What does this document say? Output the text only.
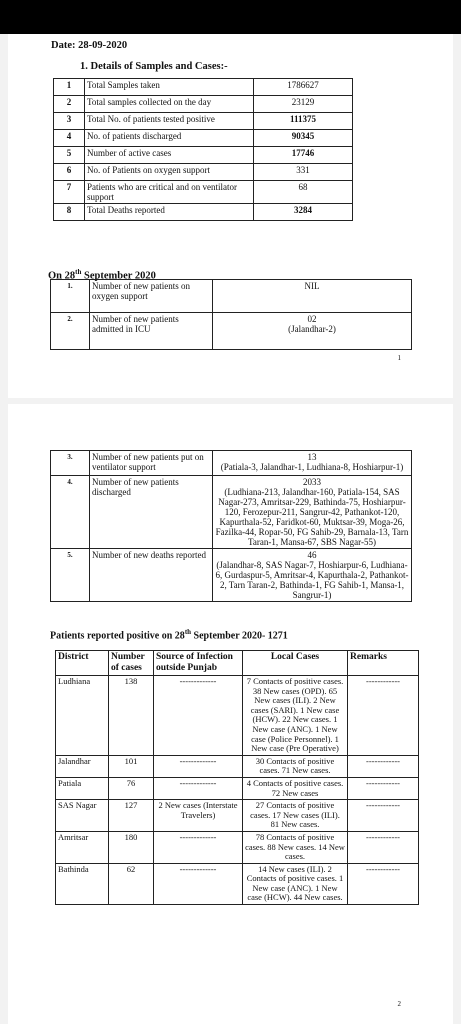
Date: 28-09-2020
1. Details of Samples and Cases:-
1	Total Samples taken	1786627
2	Total samples collected on the day	23129
3	Total No. of patients tested positive	111375
4	No. of patients discharged	90345
5	Number of active cases	17746
6	No. of Patients on oxygen support	331
7	Patients who are critical and on ventilator support	68
8	Total Deaths reported	3284
On 28th September 2020
1.	Number of new patients on oxygen support	NIL
2.	Number of new patients admitted in ICU	02
(Jalandhar-2)
1
3.	Number of new patients put on ventilator support	13
(Patiala-3, Jalandhar-1, Ludhiana-8, Hoshiarpur-1)
4.	Number of new patients discharged	2033
(Ludhiana-213, Jalandhar-160, Patiala-154, SAS Nagar-273, Amritsar-229, Bathinda-75, Hoshiarpur-120, Ferozepur-211, Sangrur-42, Pathankot-120, Kapurthala-52, Faridkot-60, Muktsar-39, Moga-26, Fazilka-44, Ropar-50, FG Sahib-29, Barnala-13, Tarn Taran-1, Mansa-67, SBS Nagar-55)
5.	Number of new deaths reported	46
(Jalandhar-8, SAS Nagar-7, Hoshiarpur-6, Ludhiana-6, Gurdaspur-5, Amritsar-4, Kapurthala-2, Pathankot-2, Tarn Taran-2, Bathinda-1, FG Sahib-1, Mansa-1, Sangrur-1)
Patients reported positive on 28th September 2020- 1271
District	Number of cases	Source of Infection outside Punjab	Local Cases	Remarks
Ludhiana	138	-------------	7 Contacts of positive cases. 38 New cases (OPD). 65 New cases (ILI). 2 New cases (SARI). 1 New case (HCW). 22 New cases. 1 New case (ANC). 1 New case (Police Personnel). 1 New case (Pre Operative)	------------
Jalandhar	101	-------------	30 Contacts of positive cases. 71 New cases.	------------
Patiala	76	-------------	4 Contacts of positive cases. 72 New cases	------------
SAS Nagar	127	2 New cases (Interstate Travelers)	27 Contacts of positive cases. 17 New cases (ILI). 81 New cases.	------------
Amritsar	180	-------------	78 Contacts of positive cases. 88 New cases. 14 New cases.	------------
Bathinda	62	-------------	14 New cases (ILI). 2 Contacts of positive cases. 1 New case (ANC). 1 New case (HCW). 44 New cases.	------------
2
